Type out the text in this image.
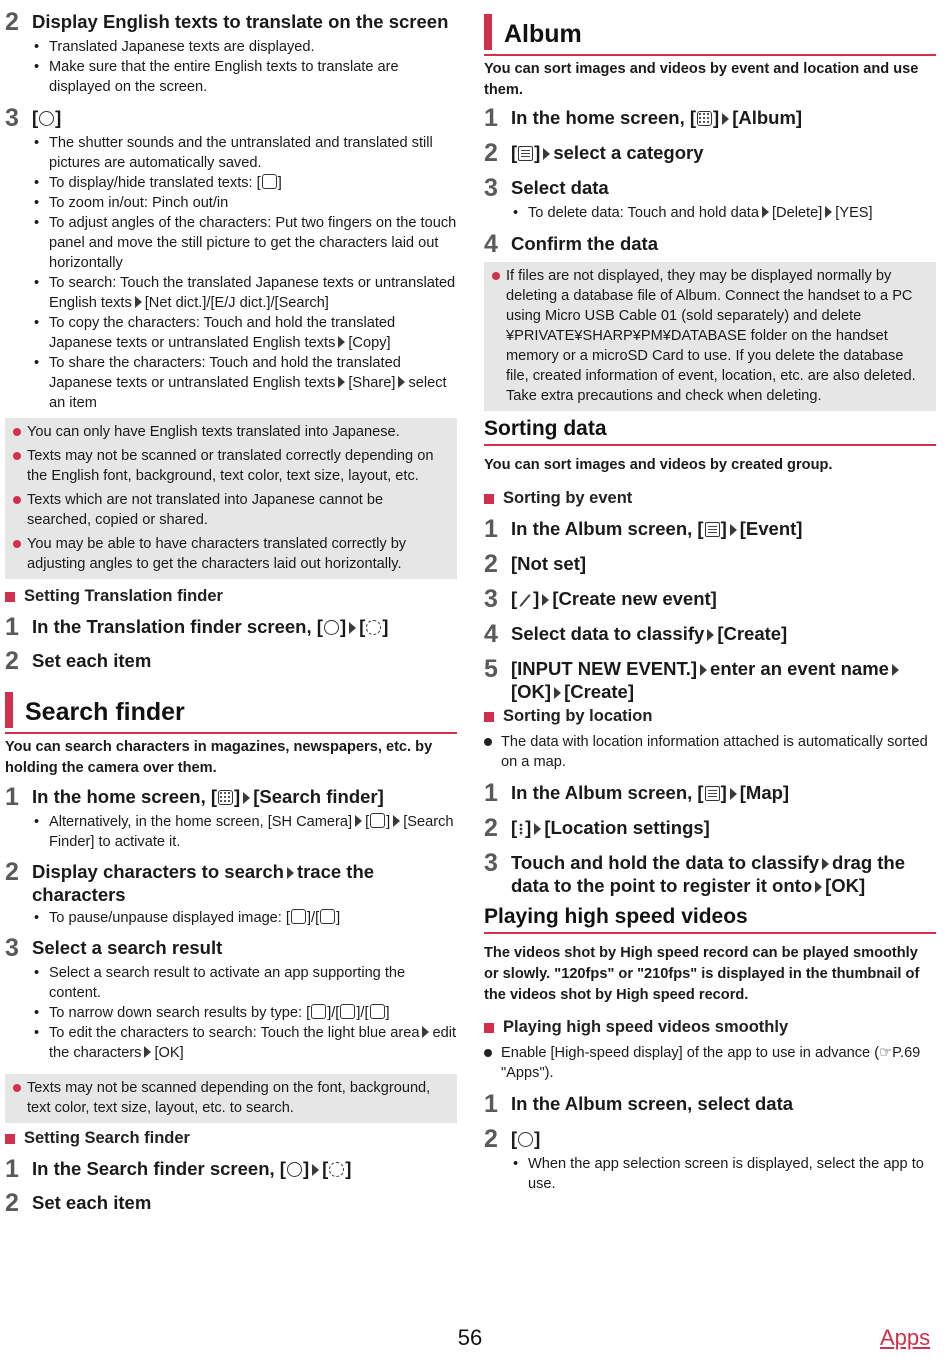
2 Display English texts to translate on the screen
• Translated Japanese texts are displayed.
• Make sure that the entire English texts to translate are displayed on the screen.
3 [ ]
• The shutter sounds and the untranslated and translated still pictures are automatically saved.
• To display/hide translated texts: [ ]
• To zoom in/out: Pinch out/in
• To adjust angles of the characters: Put two fingers on the touch panel and move the still picture to get the characters laid out horizontally
• To search: Touch the translated Japanese texts or untranslated English texts [Net dict.]/[E/J dict.]/[Search]
• To copy the characters: Touch and hold the translated Japanese texts or untranslated English texts [Copy]
• To share the characters: Touch and hold the translated Japanese texts or untranslated English texts [Share] select an item
You can only have English texts translated into Japanese.
Texts may not be scanned or translated correctly depending on the English font, background, text color, text size, layout, etc.
Texts which are not translated into Japanese cannot be searched, copied or shared.
You may be able to have characters translated correctly by adjusting angles to get the characters laid out horizontally.
Setting Translation finder
1 In the Translation finder screen, [ ] [ ]
2 Set each item
Search finder
You can search characters in magazines, newspapers, etc. by holding the camera over them.
1 In the home screen, [ ] [Search finder]
• Alternatively, in the home screen, [SH Camera] [ ] [Search Finder] to activate it.
2 Display characters to search trace the characters
• To pause/unpause displayed image: [ ]/[ ]
3 Select a search result
• Select a search result to activate an app supporting the content.
• To narrow down search results by type: [ ]/[ ]/[ ]
• To edit the characters to search: Touch the light blue area edit the characters [OK]
Texts may not be scanned depending on the font, background, text color, text size, layout, etc. to search.
Setting Search finder
1 In the Search finder screen, [ ] [ ]
2 Set each item
Album
You can sort images and videos by event and location and use them.
1 In the home screen, [ ] [Album]
2 [ ] select a category
3 Select data
• To delete data: Touch and hold data [Delete] [YES]
4 Confirm the data
If files are not displayed, they may be displayed normally by deleting a database file of Album. Connect the handset to a PC using Micro USB Cable 01 (sold separately) and delete ¥PRIVATE¥SHARP¥PM¥DATABASE folder on the handset memory or a microSD Card to use. If you delete the database file, created information of event, location, etc. are also deleted. Take extra precautions and check when deleting.
Sorting data
You can sort images and videos by created group.
Sorting by event
1 In the Album screen, [ ] [Event]
2 [Not set]
3 [ ] [Create new event]
4 Select data to classify [Create]
5 [INPUT NEW EVENT.] enter an event name[OK] [Create]
Sorting by location
The data with location information attached is automatically sorted on a map.
1 In the Album screen, [ ] [Map]
2 [ ] [Location settings]
3 Touch and hold the data to classify drag the data to the point to register it onto [OK]
Playing high speed videos
The videos shot by High speed record can be played smoothly or slowly. "120fps" or "210fps" is displayed in the thumbnail of the videos shot by High speed record.
Playing high speed videos smoothly
Enable [High-speed display] of the app to use in advance (☞P.69 "Apps").
1 In the Album screen, select data
2 [ ]
• When the app selection screen is displayed, select the app to use.
56	Apps
